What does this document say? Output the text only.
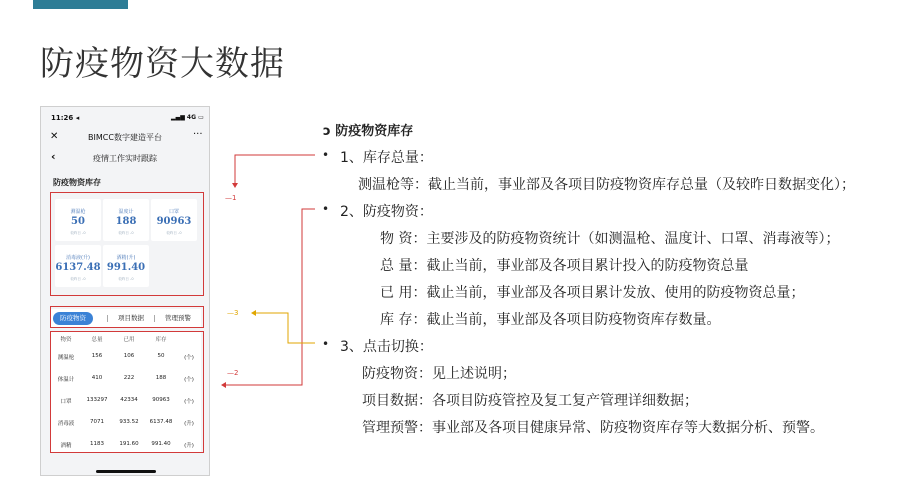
防疫物资大数据
11:26 ◂	▂▄▆ 4G ▭
✕	BIMCC数字建造平台	···
‹	疫情工作实时跟踪
防疫物资库存
测温枪
50
较昨日 -0
温度计
188
较昨日 -0
口罩
90963
较昨日 -0
消毒液(升)
6137.48
较昨日 -0
酒精(升)
991.40
较昨日 -0
防疫物资	项目数据	管理预警
物资	总量	已用	库存
测温枪	156	106	50	(个)
体温计	410	222	188	(个)
口罩	133297	42334	90963	(个)
消毒液	7071	933.52	6137.48	(升)
酒精	1183	191.60	991.40	(升)
—1
—2
—3
ↄ 防疫物资库存
• 1、库存总量：
测温枪等：截止当前，事业部及各项目防疫物资库存总量（及较昨日数据变化）；
• 2、防疫物资：
物 资：主要涉及的防疫物资统计（如测温枪、温度计、口罩、消毒液等）；
总 量：截止当前，事业部及各项目累计投入的防疫物资总量
已 用：截止当前，事业部及各项目累计发放、使用的防疫物资总量；
库 存：截止当前，事业部及各项目防疫物资库存数量。
• 3、点击切换：
防疫物资：见上述说明；
项目数据：各项目防疫管控及复工复产管理详细数据；
管理预警：事业部及各项目健康异常、防疫物资库存等大数据分析、预警。
